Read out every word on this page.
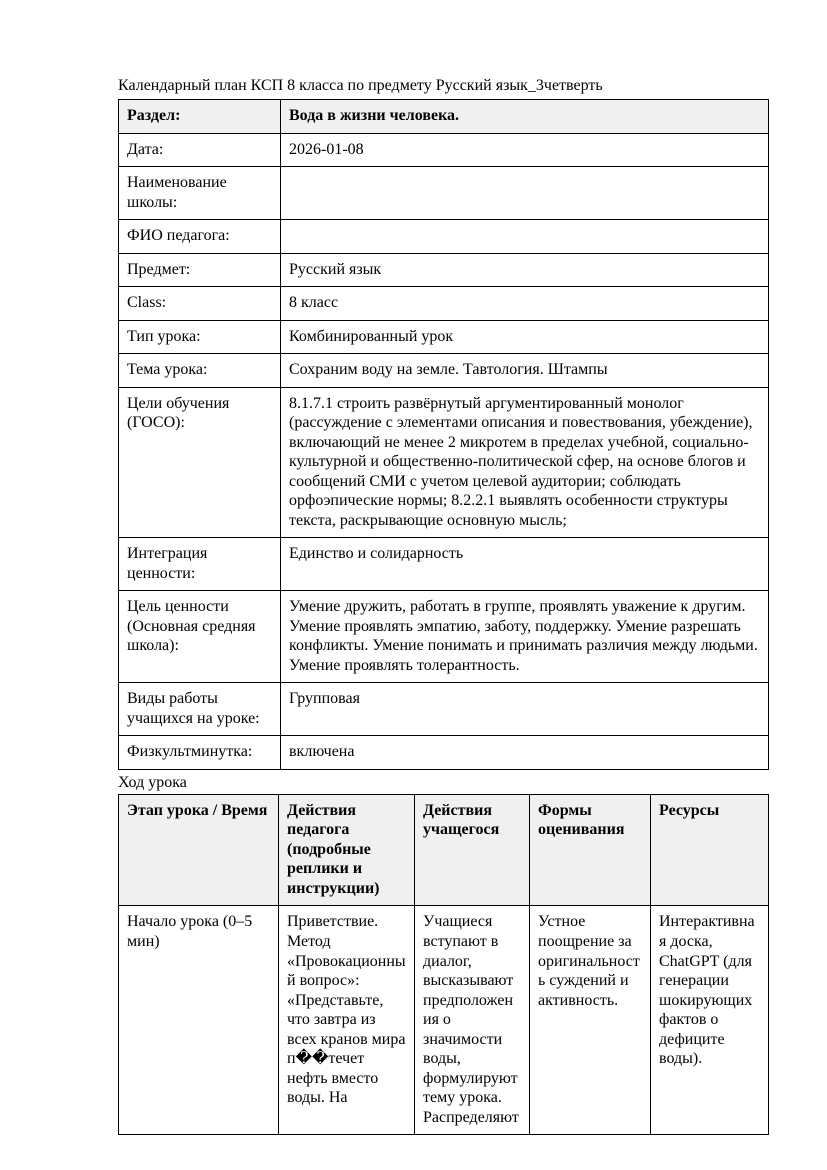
Календарный план КСП 8 класса по предмету Русский язык_3четверть

Раздел:	Вода в жизни человека.
Дата:	2026-01-08
Наименование школы:	
ФИО педагога:	
Предмет:	Русский язык
Class:	8 класс
Тип урока:	Комбинированный урок
Тема урока:	Сохраним воду на земле. Тавтология. Штампы
Цели обучения (ГОСО):	8.1.7.1 строить развёрнутый аргументированный монолог (рассуждение с элементами описания и повествования, убеждение), включающий не менее 2 микротем в пределах учебной, социально-культурной и общественно-политической сфер, на основе блогов и сообщений СМИ с учетом целевой аудитории; соблюдать орфоэпические нормы; 8.2.2.1 выявлять особенности структуры текста, раскрывающие основную мысль;
Интеграция ценности:	Единство и солидарность
Цель ценности (Основная средняя школа):	Умение дружить, работать в группе, проявлять уважение к другим. Умение проявлять эмпатию, заботу, поддержку. Умение разрешать конфликты. Умение понимать и принимать различия между людьми. Умение проявлять толерантность.
Виды работы учащихся на уроке:	Групповая
Физкультминутка:	включена

Ход урока

Этап урока / Время	Действия педагога (подробные реплики и инструкции)	Действия учащегося	Формы оценивания	Ресурсы
Начало урока (0–5 мин)	Приветствие. Метод «Провокационный вопрос»: «Представьте, что завтра из всех кранов мира п��течет нефть вместо воды. На	Учащиеся вступают в диалог, высказывают предположения о значимости воды, формулируют тему урока. Распределяют	Устное поощрение за оригинальность суждений и активность.	Интерактивная доска, ChatGPT (для генерации шокирующих фактов о дефиците воды).
